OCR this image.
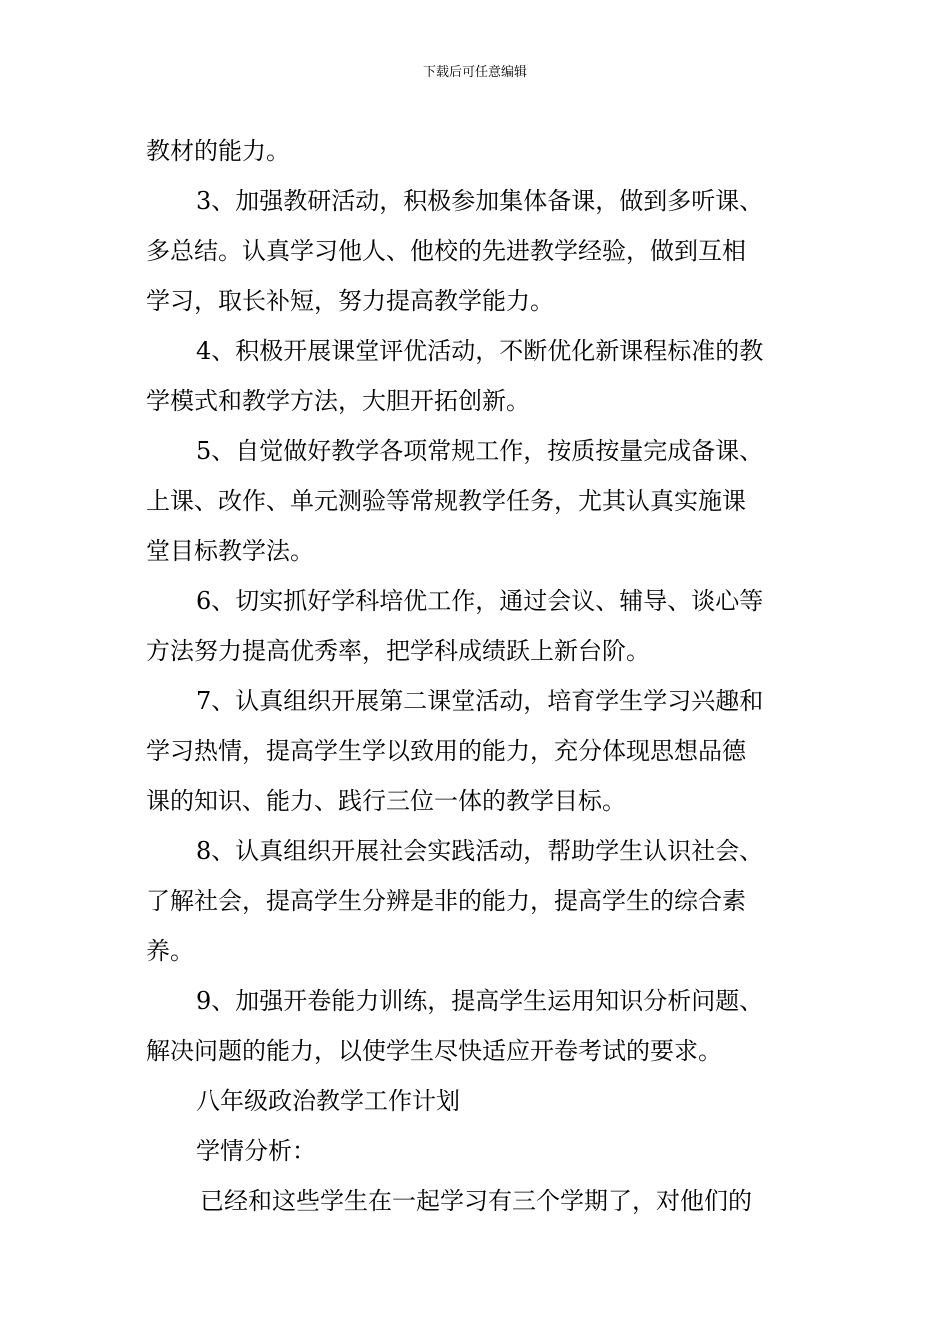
下载后可任意编辑
教材的能力。
3、加强教研活动，积极参加集体备课，做到多听课、
多总结。认真学习他人、他校的先进教学经验，做到互相
学习，取长补短，努力提高教学能力。
4、积极开展课堂评优活动，不断优化新课程标准的教
学模式和教学方法，大胆开拓创新。
5、自觉做好教学各项常规工作，按质按量完成备课、
上课、改作、单元测验等常规教学任务，尤其认真实施课
堂目标教学法。
6、切实抓好学科培优工作，通过会议、辅导、谈心等
方法努力提高优秀率，把学科成绩跃上新台阶。
7、认真组织开展第二课堂活动，培育学生学习兴趣和
学习热情，提高学生学以致用的能力，充分体现思想品德
课的知识、能力、践行三位一体的教学目标。
8、认真组织开展社会实践活动，帮助学生认识社会、
了解社会，提高学生分辨是非的能力，提高学生的综合素
养。
9、加强开卷能力训练，提高学生运用知识分析问题、
解决问题的能力，以使学生尽快适应开卷考试的要求。
八年级政治教学工作计划
学情分析：
已经和这些学生在一起学习有三个学期了，对他们的
